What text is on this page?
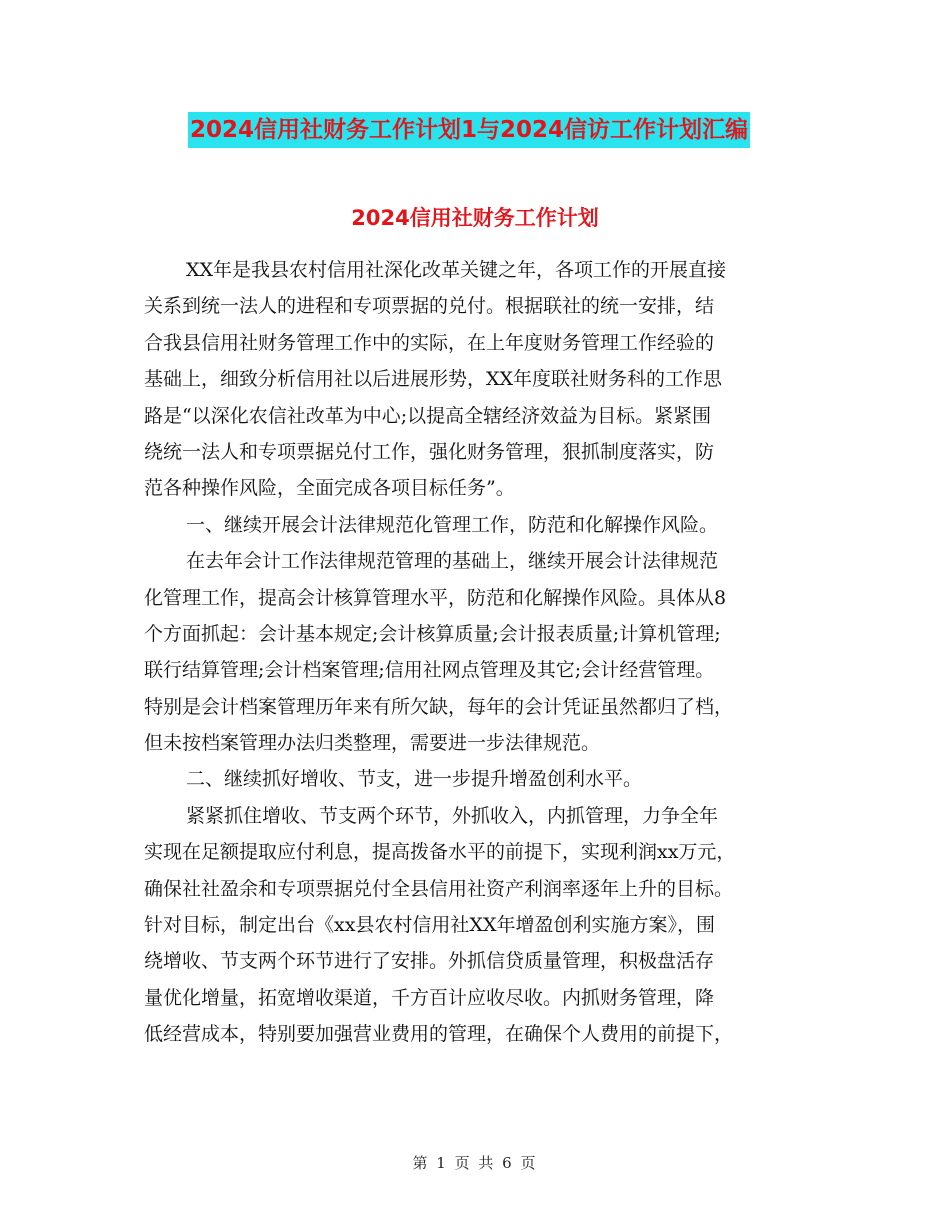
2024信用社财务工作计划1与2024信访工作计划汇编
2024信用社财务工作计划
XX年是我县农村信用社深化改革关键之年，各项工作的开展直接
关系到统一法人的进程和专项票据的兑付。根据联社的统一安排，结
合我县信用社财务管理工作中的实际，在上年度财务管理工作经验的
基础上，细致分析信用社以后进展形势，XX年度联社财务科的工作思
路是“以深化农信社改革为中心;以提高全辖经济效益为目标。紧紧围
绕统一法人和专项票据兑付工作，强化财务管理，狠抓制度落实，防
范各种操作风险，全面完成各项目标任务”。
一、继续开展会计法律规范化管理工作，防范和化解操作风险。
在去年会计工作法律规范管理的基础上，继续开展会计法律规范
化管理工作，提高会计核算管理水平，防范和化解操作风险。具体从8
个方面抓起：会计基本规定;会计核算质量;会计报表质量;计算机管理;
联行结算管理;会计档案管理;信用社网点管理及其它;会计经营管理。
特别是会计档案管理历年来有所欠缺，每年的会计凭证虽然都归了档，
但未按档案管理办法归类整理，需要进一步法律规范。
二、继续抓好增收、节支，进一步提升增盈创利水平。
紧紧抓住增收、节支两个环节，外抓收入，内抓管理，力争全年
实现在足额提取应付利息，提高拨备水平的前提下，实现利润xx万元，
确保社社盈余和专项票据兑付全县信用社资产利润率逐年上升的目标。
针对目标，制定出台《xx县农村信用社XX年增盈创利实施方案》，围
绕增收、节支两个环节进行了安排。外抓信贷质量管理，积极盘活存
量优化增量，拓宽增收渠道，千方百计应收尽收。内抓财务管理，降
低经营成本，特别要加强营业费用的管理，在确保个人费用的前提下，
第 1 页 共 6 页
